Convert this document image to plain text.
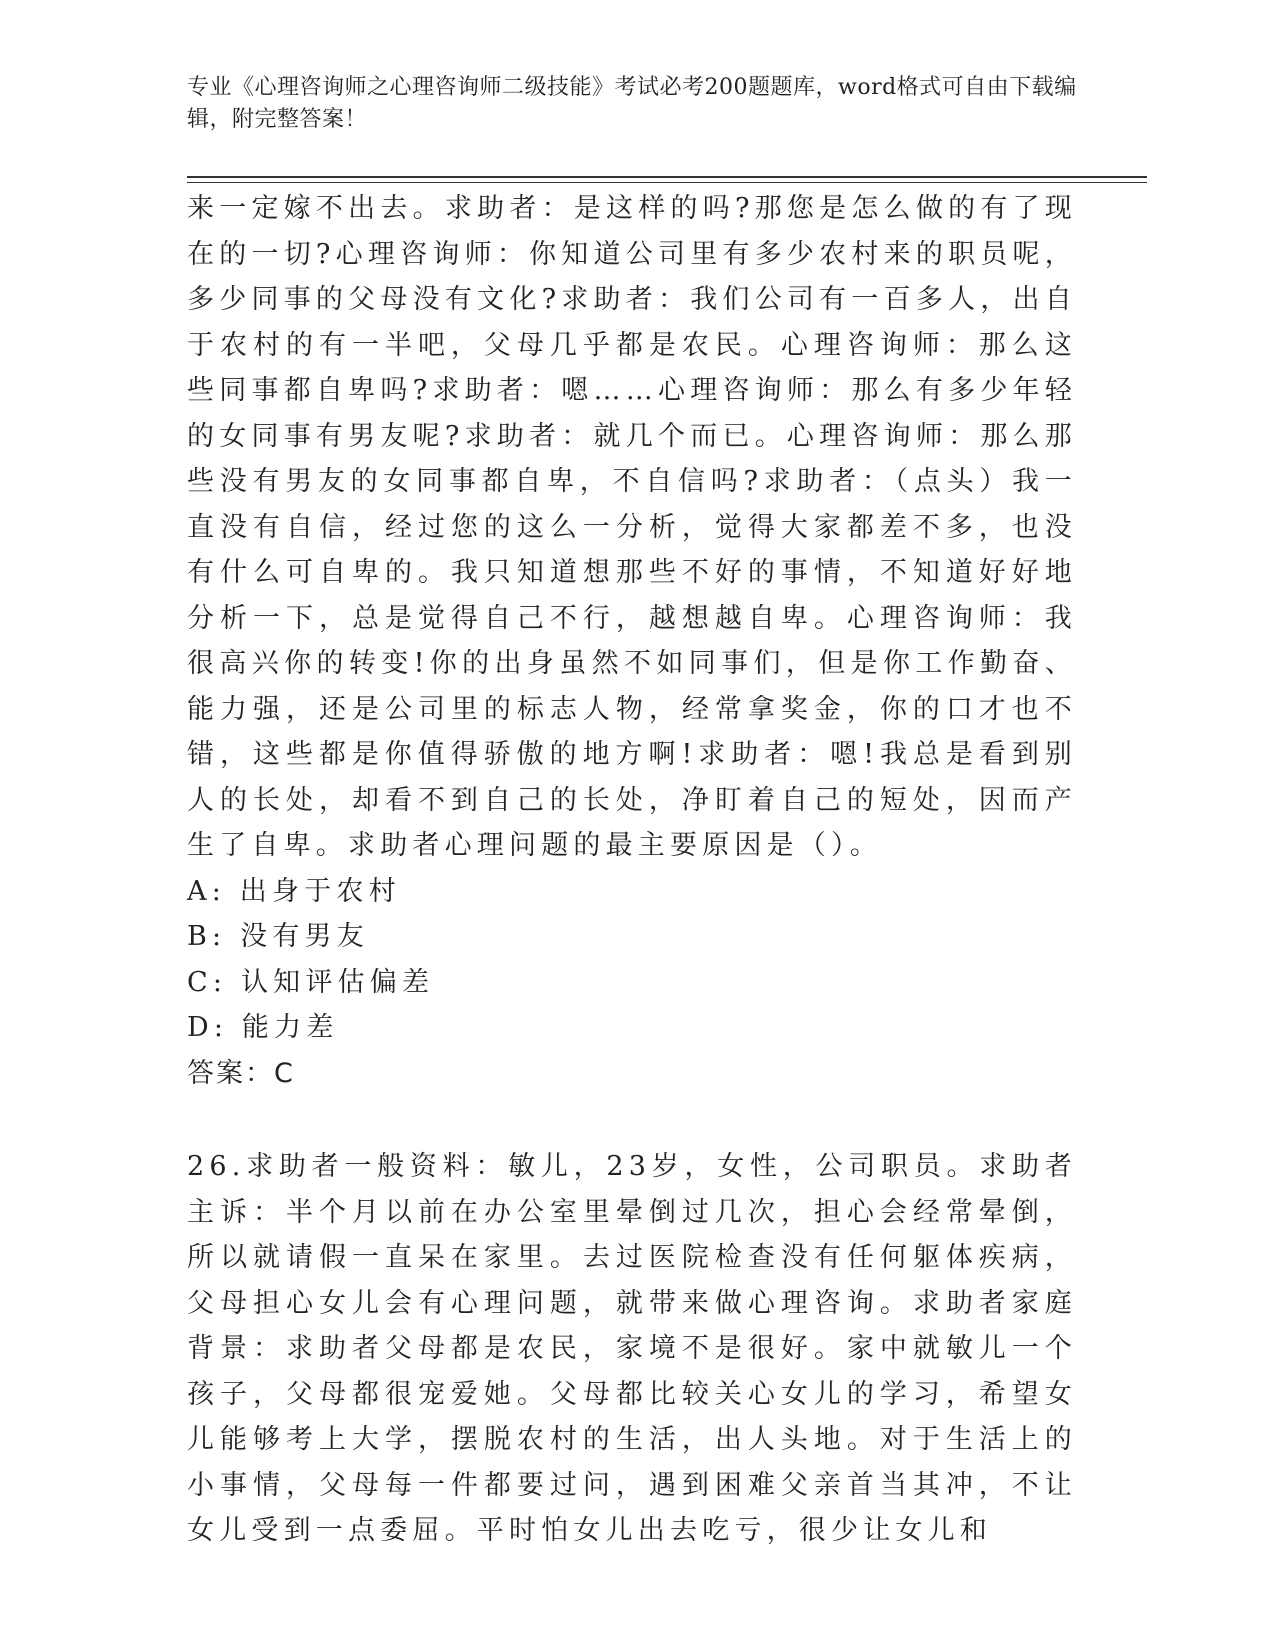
专业《心理咨询师之心理咨询师二级技能》考试必考200题题库，word格式可自由下载编辑，附完整答案！

来一定嫁不出去。求助者：是这样的吗?那您是怎么做的有了现在的一切?心理咨询师：你知道公司里有多少农村来的职员呢，多少同事的父母没有文化?求助者：我们公司有一百多人，出自于农村的有一半吧，父母几乎都是农民。心理咨询师：那么这些同事都自卑吗?求助者：嗯……心理咨询师：那么有多少年轻的女同事有男友呢?求助者：就几个而已。心理咨询师：那么那些没有男友的女同事都自卑，不自信吗?求助者：（点头）我一直没有自信，经过您的这么一分析，觉得大家都差不多，也没有什么可自卑的。我只知道想那些不好的事情，不知道好好地分析一下，总是觉得自己不行，越想越自卑。心理咨询师：我很高兴你的转变!你的出身虽然不如同事们，但是你工作勤奋、能力强，还是公司里的标志人物，经常拿奖金，你的口才也不错，这些都是你值得骄傲的地方啊!求助者：嗯!我总是看到别人的长处，却看不到自己的长处，净盯着自己的短处，因而产生了自卑。求助者心理问题的最主要原因是（）。

A: 出身于农村
B: 没有男友
C: 认知评估偏差
D: 能力差
答案：C

26.求助者一般资料：敏儿，23岁，女性，公司职员。求助者主诉：半个月以前在办公室里晕倒过几次，担心会经常晕倒，所以就请假一直呆在家里。去过医院检查没有任何躯体疾病，父母担心女儿会有心理问题，就带来做心理咨询。求助者家庭背景：求助者父母都是农民，家境不是很好。家中就敏儿一个孩子，父母都很宠爱她。父母都比较关心女儿的学习，希望女儿能够考上大学，摆脱农村的生活，出人头地。对于生活上的小事情，父母每一件都要过问，遇到困难父亲首当其冲，不让女儿受到一点委屈。平时怕女儿出去吃亏，很少让女儿和
